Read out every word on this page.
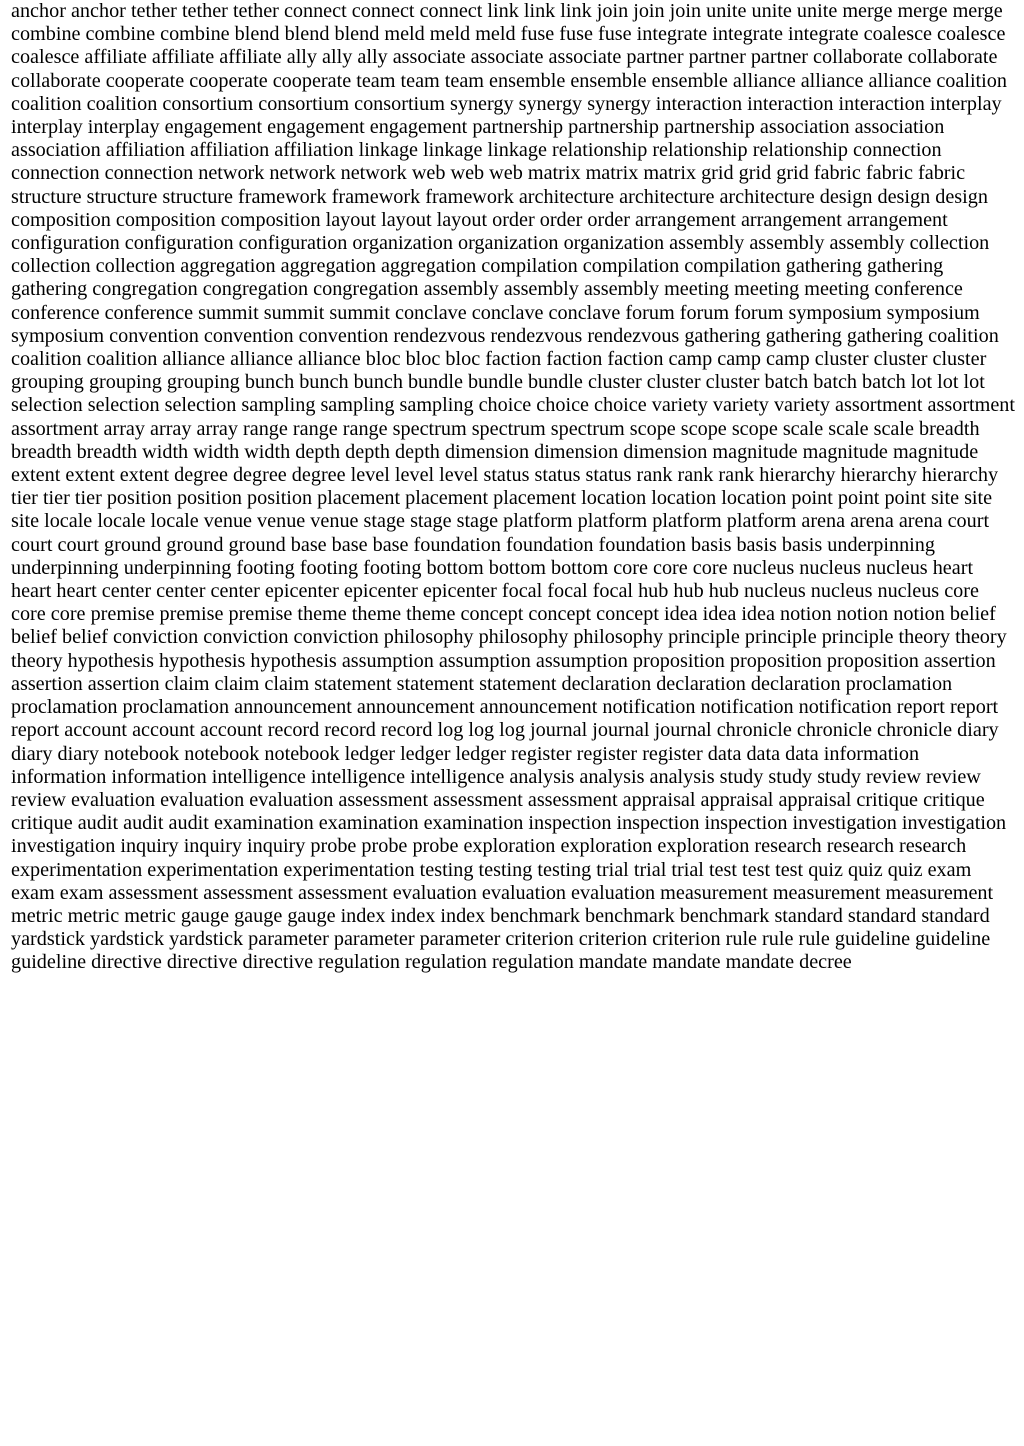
anchor anchor tether tether tether connect connect connect link link link join join join unite unite unite merge merge merge combine combine combine blend blend blend meld meld meld fuse fuse fuse integrate integrate integrate coalesce coalesce coalesce affiliate affiliate affiliate ally ally ally associate associate associate partner partner partner collaborate collaborate collaborate cooperate cooperate cooperate team team team ensemble ensemble ensemble alliance alliance alliance coalition coalition coalition consortium consortium consortium synergy synergy synergy interaction interaction interaction interplay interplay interplay engagement engagement engagement partnership partnership partnership association association association affiliation affiliation affiliation linkage linkage linkage relationship relationship relationship connection connection connection network network network web web web matrix matrix matrix grid grid grid fabric fabric fabric structure structure structure framework framework framework architecture architecture architecture design design design composition composition composition layout layout layout order order order arrangement arrangement arrangement configuration configuration configuration organization organization organization assembly assembly assembly collection collection collection aggregation aggregation aggregation compilation compilation compilation gathering gathering gathering congregation congregation congregation assembly assembly assembly meeting meeting meeting conference conference conference summit summit summit conclave conclave conclave forum forum forum symposium symposium symposium convention convention convention rendezvous rendezvous rendezvous gathering gathering gathering coalition coalition coalition alliance alliance alliance bloc bloc bloc faction faction faction camp camp camp cluster cluster cluster grouping grouping grouping bunch bunch bunch bundle bundle bundle cluster cluster cluster batch batch batch lot lot lot selection selection selection sampling sampling sampling choice choice choice variety variety variety assortment assortment assortment array array array range range range spectrum spectrum spectrum scope scope scope scale scale scale breadth breadth breadth width width width depth depth depth dimension dimension dimension magnitude magnitude magnitude extent extent extent degree degree degree level level level status status status rank rank rank hierarchy hierarchy hierarchy tier tier tier position position position placement placement placement location location location point point point site site site locale locale locale venue venue venue stage stage stage platform platform platform platform arena arena arena court court court ground ground ground base base base foundation foundation foundation basis basis basis underpinning underpinning underpinning footing footing footing bottom bottom bottom core core core nucleus nucleus nucleus heart heart heart center center center epicenter epicenter epicenter focal focal focal hub hub hub nucleus nucleus nucleus core core core premise premise premise theme theme theme concept concept concept idea idea idea notion notion notion belief belief belief conviction conviction conviction philosophy philosophy philosophy principle principle principle theory theory theory hypothesis hypothesis hypothesis assumption assumption assumption proposition proposition proposition assertion assertion assertion claim claim claim statement statement statement declaration declaration declaration proclamation proclamation proclamation announcement announcement announcement notification notification notification report report report account account account record record record log log log journal journal journal chronicle chronicle chronicle diary diary diary notebook notebook notebook ledger ledger ledger register register register data data data information information information intelligence intelligence intelligence analysis analysis analysis study study study review review review evaluation evaluation evaluation assessment assessment assessment appraisal appraisal appraisal critique critique critique audit audit audit examination examination examination inspection inspection inspection investigation investigation investigation inquiry inquiry inquiry probe probe probe exploration exploration exploration research research research experimentation experimentation experimentation testing testing testing trial trial trial test test test quiz quiz quiz exam exam exam assessment assessment assessment evaluation evaluation evaluation measurement measurement measurement metric metric metric gauge gauge gauge index index index benchmark benchmark benchmark standard standard standard yardstick yardstick yardstick parameter parameter parameter criterion criterion criterion rule rule rule guideline guideline guideline directive directive directive regulation regulation regulation mandate mandate mandate decree
